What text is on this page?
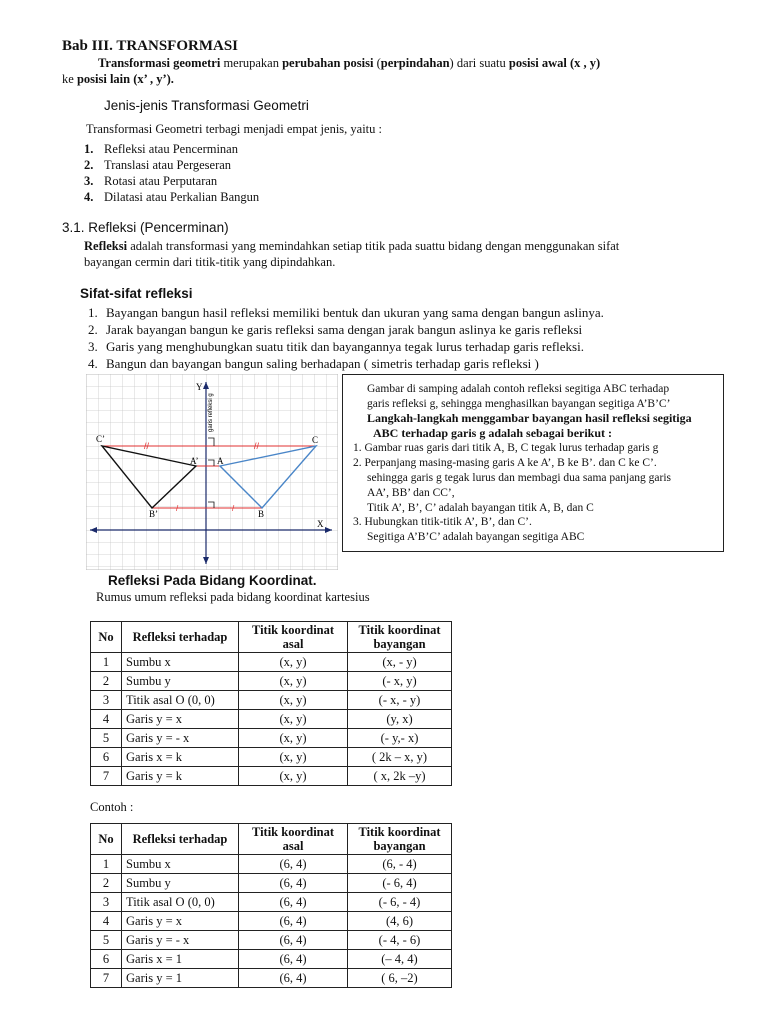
Bab III. TRANSFORMASI
Transformasi geometri merupakan perubahan posisi (perpindahan) dari suatu posisi awal (x , y)
ke posisi lain (x’ , y’).
Jenis-jenis Transformasi Geometri
Transformasi Geometri terbagi menjadi empat jenis, yaitu :
1. Refleksi atau Pencerminan
2. Translasi atau Pergeseran
3. Rotasi atau Perputaran
4. Dilatasi atau Perkalian Bangun
3.1. Refleksi (Pencerminan)
Refleksi adalah transformasi yang memindahkan setiap titik pada suattu bidang dengan menggunakan sifat
bayangan cermin dari titik-titik yang dipindahkan.
Sifat-sifat refleksi
1. Bayangan bangun hasil refleksi memiliki bentuk dan ukuran yang sama dengan bangun aslinya.
2. Jarak bayangan bangun ke garis refleksi sama dengan jarak bangun aslinya ke garis refleksi
3. Garis yang menghubungkan suatu titik dan bayangannya tegak lurus terhadap garis refleksi.
4. Bangun dan bayangan bangun saling berhadapan ( simetris terhadap garis refleksi )
//	//
/	/
Y
X
C’	C
A’ A
B’	B
garis refleksi g
Gambar di samping adalah contoh refleksi segitiga ABC terhadap
garis refleksi g, sehingga menghasilkan bayangan segitiga A’B’C’
Langkah-langkah menggambar bayangan hasil refleksi segitiga
ABC terhadap garis g adalah sebagai berikut :
1. Gambar ruas garis dari titik A, B, C tegak lurus terhadap garis g
2. Perpanjang masing-masing garis A ke A’, B ke B’. dan C ke C’.
sehingga garis g tegak lurus dan membagi dua sama panjang garis
AA’, BB’ dan CC’,
Titik A’, B’, C’ adalah bayangan titik A, B, dan C
3. Hubungkan titik-titik A’, B’, dan C’.
Segitiga A’B’C’ adalah bayangan segitiga ABC
Refleksi Pada Bidang Koordinat.
Rumus umum refleksi pada bidang koordinat kartesius
No	Refleksi terhadap	Titik koordinat asal	Titik koordinat bayangan
1	Sumbu x	(x, y)	(x, - y)
2	Sumbu y	(x, y)	(- x, y)
3	Titik asal O (0, 0)	(x, y)	(- x, - y)
4	Garis y = x	(x, y)	(y, x)
5	Garis y = - x	(x, y)	(- y,- x)
6	Garis x = k	(x, y)	( 2k – x, y)
7	Garis y = k	(x, y)	( x, 2k –y)
Contoh :
No	Refleksi terhadap	Titik koordinat asal	Titik koordinat bayangan
1	Sumbu x	(6, 4)	(6, - 4)
2	Sumbu y	(6, 4)	(- 6, 4)
3	Titik asal O (0, 0)	(6, 4)	(- 6, - 4)
4	Garis y = x	(6, 4)	(4, 6)
5	Garis y = - x	(6, 4)	(- 4, - 6)
6	Garis x = 1	(6, 4)	(– 4, 4)
7	Garis y = 1	(6, 4)	( 6, –2)
